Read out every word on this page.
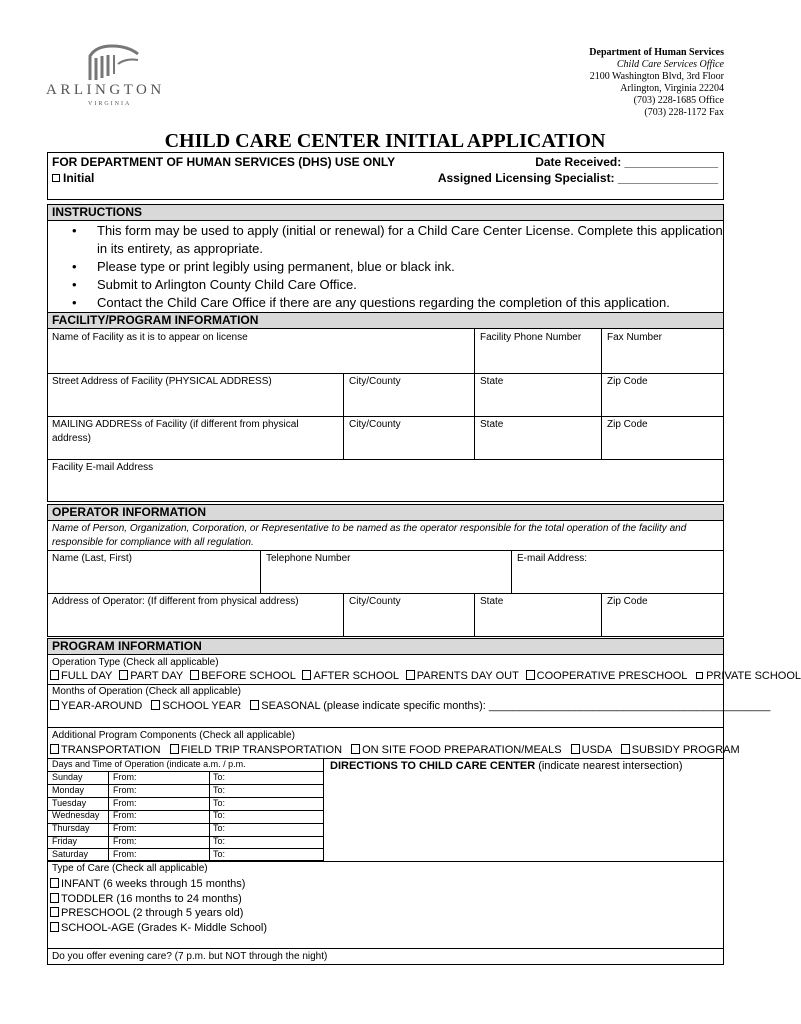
ARLINGTON
VIRGINIA
Department of Human Services
Child Care Services Office
2100 Washington Blvd, 3rd Floor
Arlington, Virginia 22204
(703) 228-1685 Office
(703) 228-1172 Fax
CHILD CARE CENTER INITIAL APPLICATION
FOR DEPARTMENT OF HUMAN SERVICES (DHS) USE ONLY
Initial
Date Received: ______________
Assigned Licensing Specialist: _______________
INSTRUCTIONS
• This form may be used to apply (initial or renewal) for a Child Care Center License. Complete this application
in its entirety, as appropriate.
• Please type or print legibly using permanent, blue or black ink.
• Submit to Arlington County Child Care Office.
• Contact the Child Care Office if there are any questions regarding the completion of this application.
FACILITY/PROGRAM INFORMATION
Name of Facility as it is to appear on license	Facility Phone Number	Fax Number
Street Address of Facility (PHYSICAL ADDRESS)	City/County	State	Zip Code
MAILING ADDRESs of Facility (if different from physical
address)
City/County	State	Zip Code
Facility E-mail Address
OPERATOR INFORMATION
Name of Person, Organization, Corporation, or Representative to be named as the operator responsible for the total operation of the facility and
responsible for compliance with all regulation.
Name (Last, First)	Telephone Number	E-mail Address:
Address of Operator: (If different from physical address)	City/County	State	Zip Code
PROGRAM INFORMATION
Operation Type (Check all applicable)
FULL DAY PART DAY BEFORE SCHOOL AFTER SCHOOL PARENTS DAY OUT COOPERATIVE PRESCHOOL PRIVATE SCHOOL
Months of Operation (Check all applicable)
YEAR-AROUND SCHOOL YEAR SEASONAL (please indicate specific months): ______________________________________________
Additional Program Components (Check all applicable)
TRANSPORTATION FIELD TRIP TRANSPORTATION ON SITE FOOD PREPARATION/MEALS USDA SUBSIDY PROGRAM
Days and Time of Operation (indicate a.m. / p.m.
Sunday	From:	To:
Monday	From:	To:
Tuesday	From:	To:
Wednesday From:	To:
Thursday	From:	To:
Friday	From:	To:
Saturday	From:	To:
DIRECTIONS TO CHILD CARE CENTER (indicate nearest intersection)
Type of Care (Check all applicable)
INFANT (6 weeks through 15 months)
TODDLER (16 months to 24 months)
PRESCHOOL (2 through 5 years old)
SCHOOL-AGE (Grades K- Middle School)
Do you offer evening care? (7 p.m. but NOT through the night)
